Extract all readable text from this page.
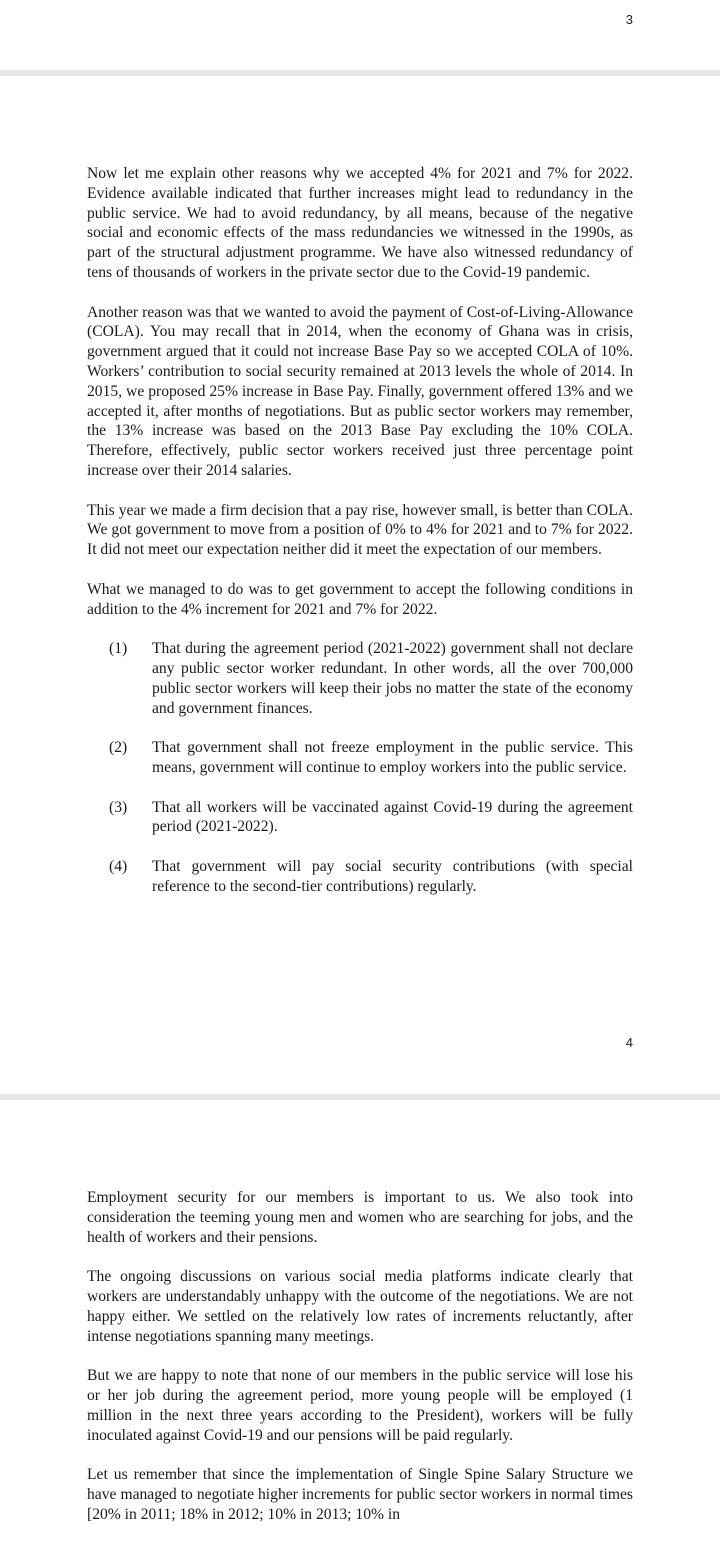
3

Now let me explain other reasons why we accepted 4% for 2021 and 7% for 2022. Evidence available indicated that further increases might lead to redundancy in the public service. We had to avoid redundancy, by all means, because of the negative social and economic effects of the mass redundancies we witnessed in the 1990s, as part of the structural adjustment programme. We have also witnessed redundancy of tens of thousands of workers in the private sector due to the Covid-19 pandemic.

Another reason was that we wanted to avoid the payment of Cost-of-Living-Allowance (COLA). You may recall that in 2014, when the economy of Ghana was in crisis, government argued that it could not increase Base Pay so we accepted COLA of 10%. Workers’ contribution to social security remained at 2013 levels the whole of 2014. In 2015, we proposed 25% increase in Base Pay. Finally, government offered 13% and we accepted it, after months of negotiations. But as public sector workers may remember, the 13% increase was based on the 2013 Base Pay excluding the 10% COLA. Therefore, effectively, public sector workers received just three percentage point increase over their 2014 salaries.

This year we made a firm decision that a pay rise, however small, is better than COLA. We got government to move from a position of 0% to 4% for 2021 and to 7% for 2022. It did not meet our expectation neither did it meet the expectation of our members.

What we managed to do was to get government to accept the following conditions in addition to the 4% increment for 2021 and 7% for 2022.

(1)	That during the agreement period (2021-2022) government shall not declare any public sector worker redundant. In other words, all the over 700,000 public sector workers will keep their jobs no matter the state of the economy and government finances.
(2)	That government shall not freeze employment in the public service. This means, government will continue to employ workers into the public service.
(3)	That all workers will be vaccinated against Covid-19 during the agreement period (2021-2022).
(4)	That government will pay social security contributions (with special reference to the second-tier contributions) regularly.
4

Employment security for our members is important to us. We also took into consideration the teeming young men and women who are searching for jobs, and the health of workers and their pensions.

The ongoing discussions on various social media platforms indicate clearly that workers are understandably unhappy with the outcome of the negotiations. We are not happy either. We settled on the relatively low rates of increments reluctantly, after intense negotiations spanning many meetings.

But we are happy to note that none of our members in the public service will lose his or her job during the agreement period, more young people will be employed (1 million in the next three years according to the President), workers will be fully inoculated against Covid-19 and our pensions will be paid regularly.

Let us remember that since the implementation of Single Spine Salary Structure we have managed to negotiate higher increments for public sector workers in normal times [20% in 2011; 18% in 2012; 10% in 2013; 10% in
